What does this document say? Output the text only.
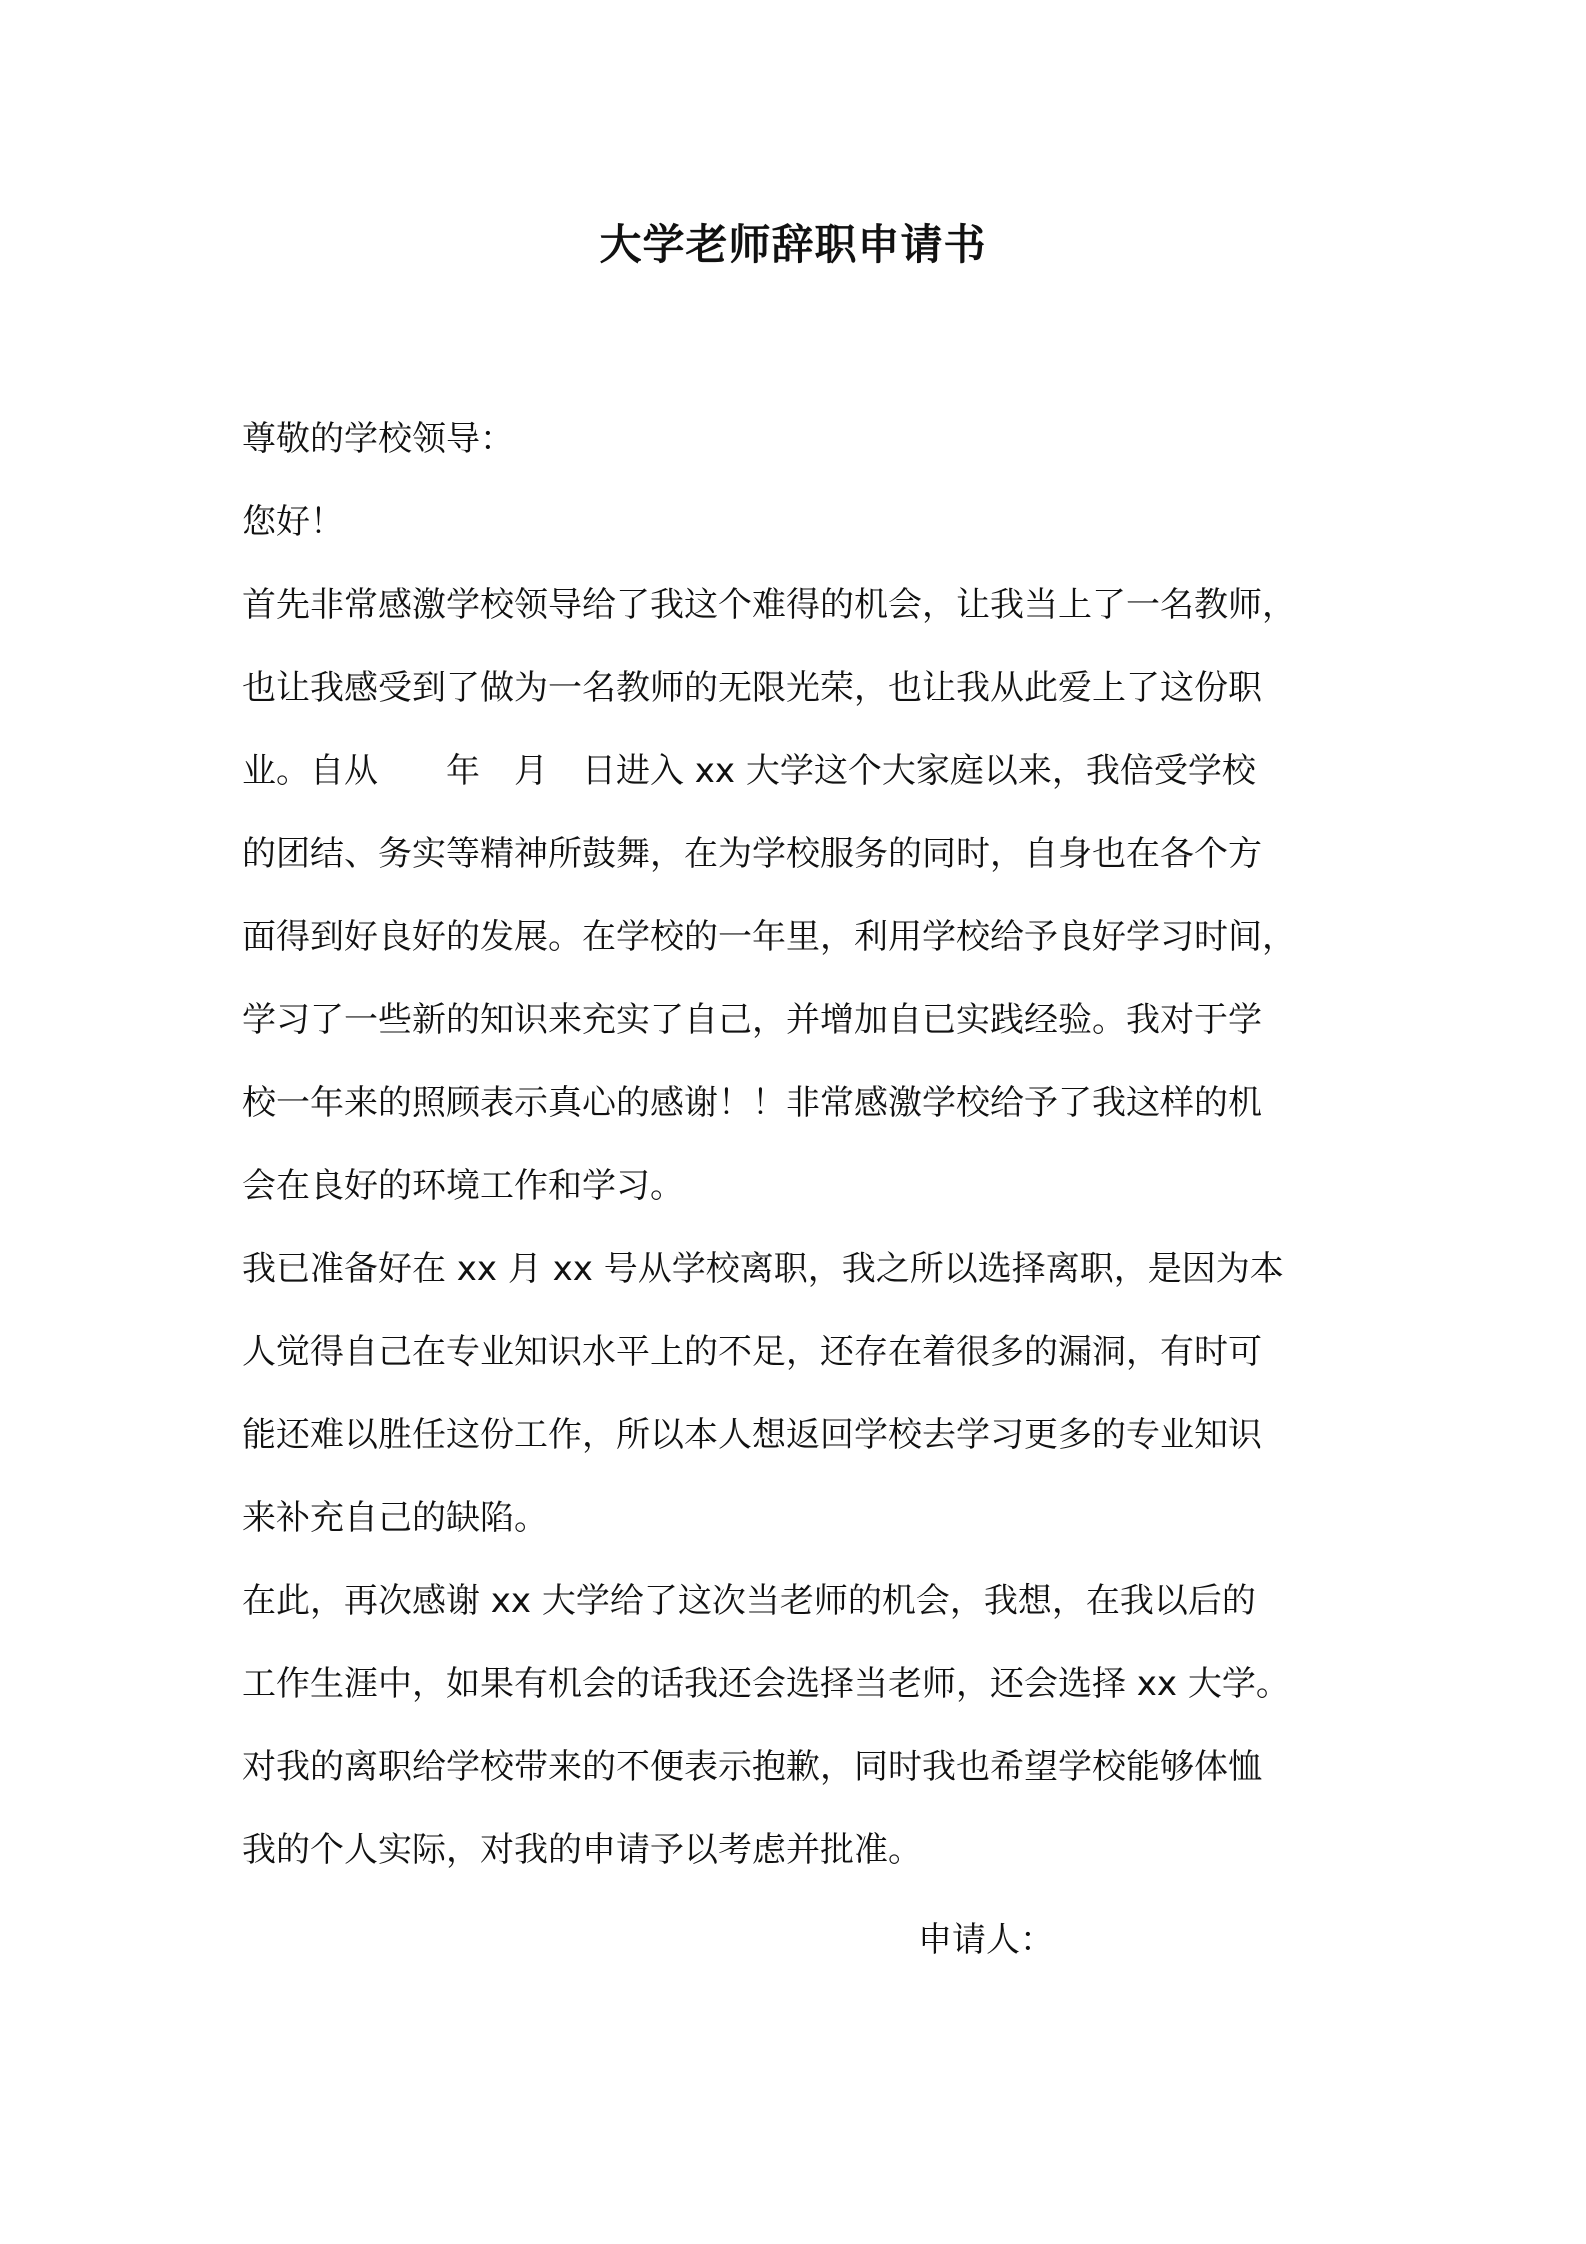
大学老师辞职申请书
尊敬的学校领导：
您好！
首先非常感激学校领导给了我这个难得的机会，让我当上了一名教师，
也让我感受到了做为一名教师的无限光荣，也让我从此爱上了这份职
业。自从　　年　月　日进入 xx 大学这个大家庭以来，我倍受学校
的团结、务实等精神所鼓舞，在为学校服务的同时，自身也在各个方
面得到好良好的发展。在学校的一年里，利用学校给予良好学习时间，
学习了一些新的知识来充实了自己，并增加自已实践经验。我对于学
校一年来的照顾表示真心的感谢！！非常感激学校给予了我这样的机
会在良好的环境工作和学习。
我已准备好在 xx 月 xx 号从学校离职，我之所以选择离职，是因为本
人觉得自己在专业知识水平上的不足，还存在着很多的漏洞，有时可
能还难以胜任这份工作，所以本人想返回学校去学习更多的专业知识
来补充自己的缺陷。
在此，再次感谢 xx 大学给了这次当老师的机会，我想，在我以后的
工作生涯中，如果有机会的话我还会选择当老师，还会选择 xx 大学。
对我的离职给学校带来的不便表示抱歉，同时我也希望学校能够体恤
我的个人实际，对我的申请予以考虑并批准。
申请人：
